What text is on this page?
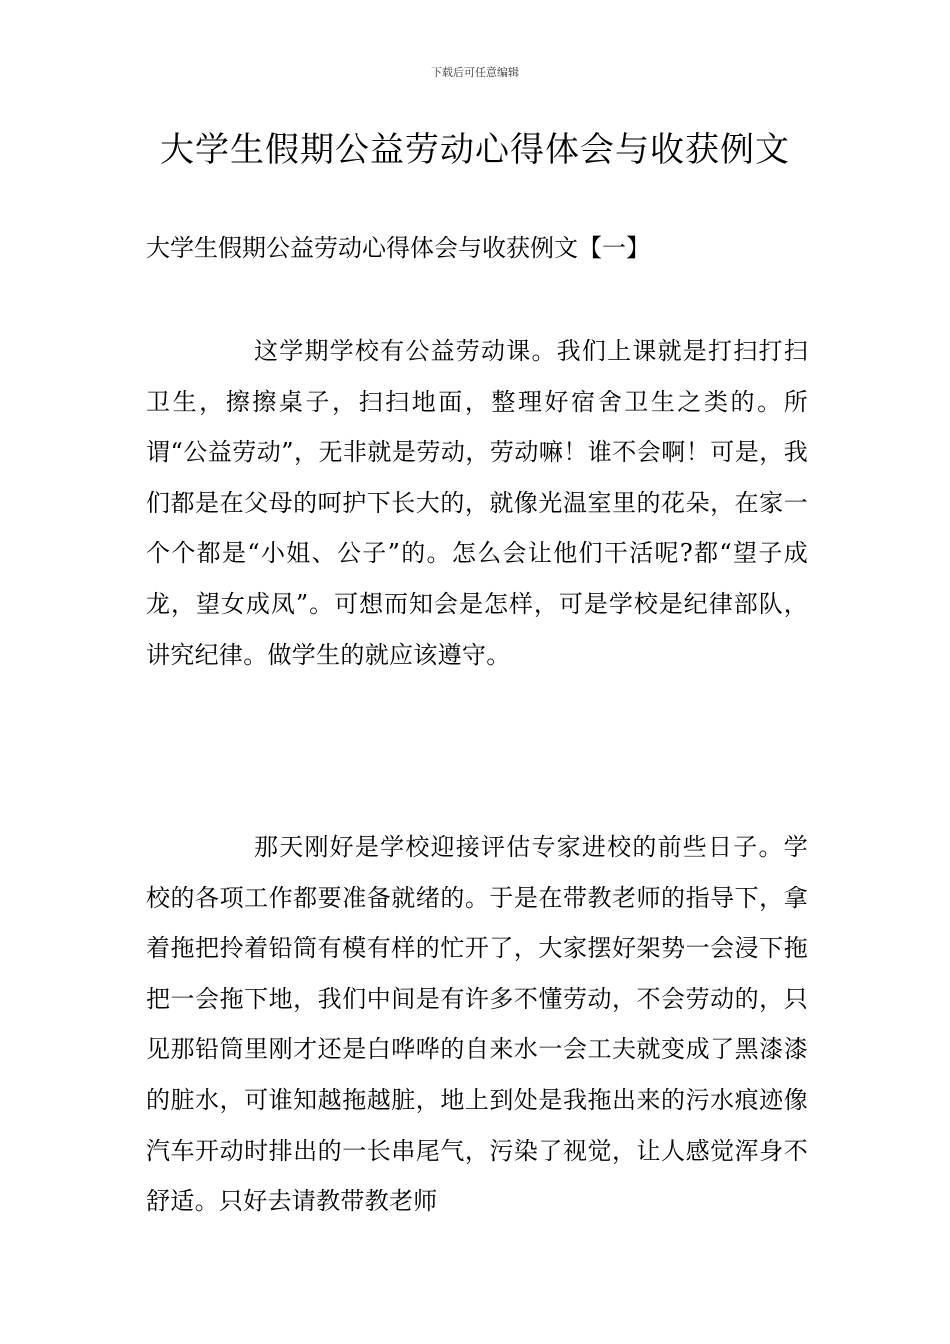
下载后可任意编辑
大学生假期公益劳动心得体会与收获例文
大学生假期公益劳动心得体会与收获例文【一】

这学期学校有公益劳动课。我们上课就是打扫打扫卫生，擦擦桌子，扫扫地面，整理好宿舍卫生之类的。所谓“公益劳动”，无非就是劳动，劳动嘛！谁不会啊！可是，我们都是在父母的呵护下长大的，就像光温室里的花朵，在家一个个都是“小姐、公子”的。怎么会让他们干活呢?都“望子成龙，望女成凤”。可想而知会是怎样，可是学校是纪律部队，讲究纪律。做学生的就应该遵守。

那天刚好是学校迎接评估专家进校的前些日子。学校的各项工作都要准备就绪的。于是在带教老师的指导下，拿着拖把拎着铅筒有模有样的忙开了，大家摆好架势一会浸下拖把一会拖下地，我们中间是有许多不懂劳动，不会劳动的，只见那铅筒里刚才还是白哗哗的自来水一会工夫就变成了黑漆漆的脏水，可谁知越拖越脏，地上到处是我拖出来的污水痕迹像汽车开动时排出的一长串尾气，污染了视觉，让人感觉浑身不舒适。只好去请教带教老师
